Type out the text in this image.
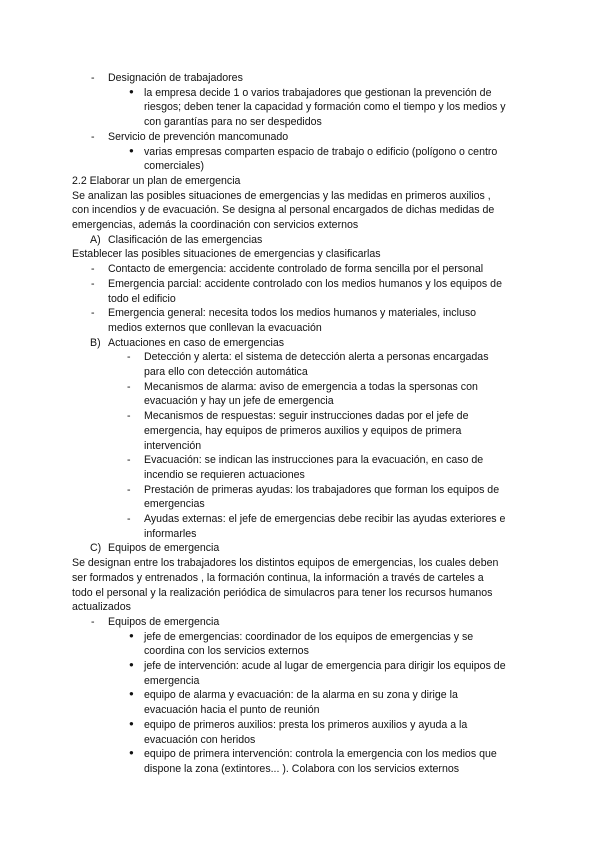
- Designación de trabajadores
● la empresa decide 1 o varios trabajadores que gestionan la prevención de
riesgos; deben tener la capacidad y formación como el tiempo y los medios y
con garantías para no ser despedidos
- Servicio de prevención mancomunado
● varias empresas comparten espacio de trabajo o edificio (polígono o centro
comerciales)
2.2 Elaborar un plan de emergencia
Se analizan las posibles situaciones de emergencias y las medidas en primeros auxilios ,
con incendios y de evacuación. Se designa al personal encargados de dichas medidas de
emergencias, además la coordinación con servicios externos
A) Clasificación de las emergencias
Establecer las posibles situaciones de emergencias y clasificarlas
- Contacto de emergencia: accidente controlado de forma sencilla por el personal
- Emergencia parcial: accidente controlado con los medios humanos y los equipos de
todo el edificio
- Emergencia general: necesita todos los medios humanos y materiales, incluso
medios externos que conllevan la evacuación
B) Actuaciones en caso de emergencias
- Detección y alerta: el sistema de detección alerta a personas encargadas
para ello con detección automática
- Mecanismos de alarma: aviso de emergencia a todas la spersonas con
evacuación y hay un jefe de emergencia
- Mecanismos de respuestas: seguir instrucciones dadas por el jefe de
emergencia, hay equipos de primeros auxilios y equipos de primera
intervención
- Evacuación: se indican las instrucciones para la evacuación, en caso de
incendio se requieren actuaciones
- Prestación de primeras ayudas: los trabajadores que forman los equipos de
emergencias
- Ayudas externas: el jefe de emergencias debe recibir las ayudas exteriores e
informarles
C) Equipos de emergencia
Se designan entre los trabajadores los distintos equipos de emergencias, los cuales deben
ser formados y entrenados , la formación continua, la información a través de carteles a
todo el personal y la realización periódica de simulacros para tener los recursos humanos
actualizados
- Equipos de emergencia
● jefe de emergencias: coordinador de los equipos de emergencias y se
coordina con los servicios externos
● jefe de intervención: acude al lugar de emergencia para dirigir los equipos de
emergencia
● equipo de alarma y evacuación: de la alarma en su zona y dirige la
evacuación hacia el punto de reunión
● equipo de primeros auxilios: presta los primeros auxilios y ayuda a la
evacuación con heridos
● equipo de primera intervención: controla la emergencia con los medios que
dispone la zona (extintores... ). Colabora con los servicios externos
